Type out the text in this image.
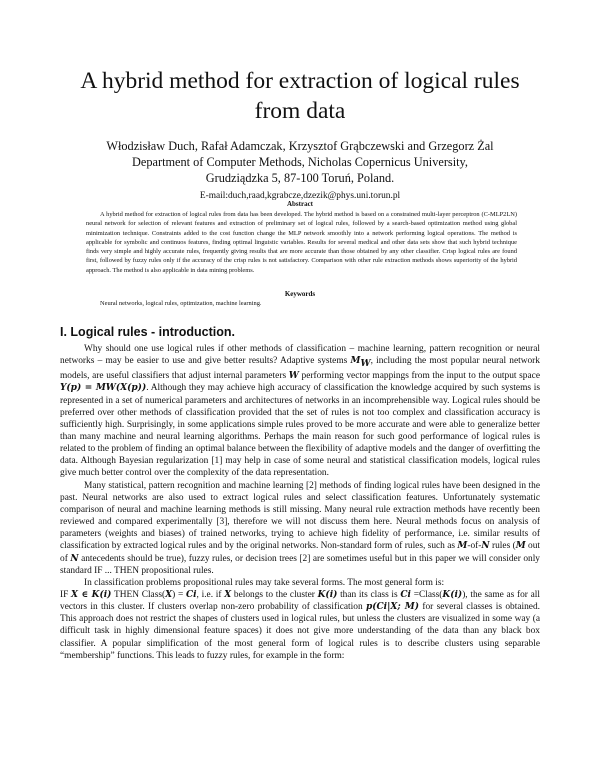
A hybrid method for extraction of logical rules from data
Włodzisław Duch, Rafał Adamczak, Krzysztof Grąbczewski and Grzegorz Żal
Department of Computer Methods, Nicholas Copernicus University,
Grudziądzka 5, 87-100 Toruń, Poland.
E-mail:duch,raad,kgrabcze,dzezik@phys.uni.torun.pl
Abstract

A hybrid method for extraction of logical rules from data has been developed. The hybrid method is based on a constrained multi-layer perceptron (C-MLP2LN) neural network for selection of relevant features and extraction of preliminary set of logical rules, followed by a search-based optimization method using global minimization technique. Constraints added to the cost function change the MLP network smoothly into a network performing logical operations. The method is applicable for symbolic and continuos features, finding optimal linguistic variables. Results for several medical and other data sets show that such hybrid technique finds very simple and highly accurate rules, frequently giving results that are more accurate than those obtained by any other classifier. Crisp logical rules are found first, followed by fuzzy rules only if the accuracy of the crisp rules is not satisfactory. Comparison with other rule extraction methods shows superiority of the hybrid approach. The method is also applicable in data mining problems.

Keywords
Neural networks, logical rules, optimization, machine learning.
I. Logical rules - introduction.

Why should one use logical rules if other methods of classification – machine learning, pattern recognition or neural networks – may be easier to use and give better results? Adaptive systems $M_W$, including the most popular neural network models, are useful classifiers that adjust internal parameters W performing vector mappings from the input to the output space Y(p) = MW(X(p)). Although they may achieve high accuracy of classification the knowledge acquired by such systems is represented in a set of numerical parameters and architectures of networks in an incomprehensible way. Logical rules should be preferred over other methods of classification provided that the set of rules is not too complex and classification accuracy is sufficiently high. Surprisingly, in some applications simple rules proved to be more accurate and were able to generalize better than many machine and neural learning algorithms. Perhaps the main reason for such good performance of logical rules is related to the problem of finding an optimal balance between the flexibility of adaptive models and the danger of overfitting the data. Although Bayesian regularization [1] may help in case of some neural and statistical classification models, logical rules give much better control over the complexity of the data representation.

Many statistical, pattern recognition and machine learning [2] methods of finding logical rules have been designed in the past. Neural networks are also used to extract logical rules and select classification features. Unfortunately systematic comparison of neural and machine learning methods is still missing. Many neural rule extraction methods have recently been reviewed and compared experimentally [3], therefore we will not discuss them here. Neural methods focus on analysis of parameters (weights and biases) of trained networks, trying to achieve high fidelity of performance, i.e. similar results of classification by extracted logical rules and by the original networks. Non-standard form of rules, such as M-of-N rules (M out of N antecedents should be true), fuzzy rules, or decision trees [2] are sometimes useful but in this paper we will consider only standard IF ... THEN propositional rules.

In classification problems propositional rules may take several forms. The most general form is:

IF X ∈ K(i) THEN Class(X) = Ci, i.e. if X belongs to the cluster K(i) than its class is Ci =Class(K(i)), the same as for all vectors in this cluster. If clusters overlap non-zero probability of classification p(Ci|X; M) for several classes is obtained. This approach does not restrict the shapes of clusters used in logical rules, but unless the clusters are visualized in some way (a difficult task in highly dimensional feature spaces) it does not give more understanding of the data than any black box classifier. A popular simplification of the most general form of logical rules is to describe clusters using separable “membership” functions. This leads to fuzzy rules, for example in the form:
